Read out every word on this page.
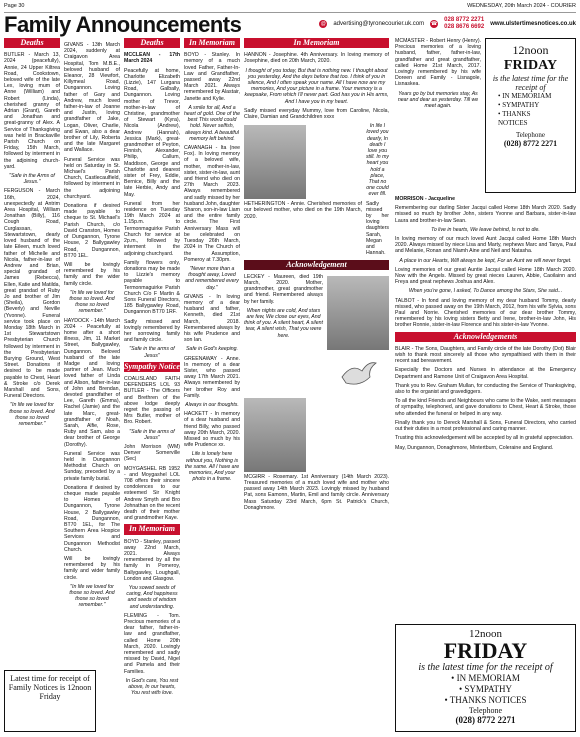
Page 30	WEDNESDAY, 20th March 2024 - COURIER
Family Announcements	@ advertising@tyronecourier.uk.com ☎
028 8772 2271
028 8676 6692 www.ulstertimesnotices.co.uk
Deaths

BUTLER - March 13, 2024 (peacefully), Annie, 24 Upper Kiltrea Road, Cookstown, beloved wife of the late Lex, loving mum of Anne (William) and Robert (Linda), cherished granny of Adrian (Grant), Gareth and Jonathan and great-granny of Alex. A Service of Thanksgiving was held in Brackaville Parish Church on Friday, 15th March, followed by interment in the adjoining church-yard.

"Safe in the Arms of Jesus."

FERGUSON - March 16th, 2024, unexpectedly at Antrim Area Hospital, William Jonathan (Billy), 116 Cough Road, Curglassan, Stewartstown, dearly loved husband of the late Eileen, much loved father of Michelle and Nicola, father-in-law of Andrew and Brian, special grandad of James (Rebecca), Ellen, Katie and Matilda, great grandad of Ruby Jo and brother of Jim (Sheila), Gordon (Beverly) and Neville (Yvonne). Funeral service took place on Monday 18th March in 1st Stewartstown Presbyterian Church followed by interment in the Presbyterian Burying Ground, West Street. Donations if desired to be made payable to Chest, Heart & Stroke c/o Derek Marshall and Sons, Funeral Directors.

"In life we loved for those so loved. And those so loved remember."

Latest time for receipt of Family Notices is 12noon Friday

GIVANS - 13th March 2024, suddenly at Craigavon Area Hospital, Tom M.B.E., beloved husband of Eleanor, 28 Viewfort, Killymeal Road, Dungannon. Loving father of Gary and Andrew, much loved father-in-law of Joanne and Justin, loving grandfather of Jake, Logan, Oliver, Charlie, and Ewan, also a dear brother of Lily, Roberta and the late Margaret and Wallace.

Funeral Service was held on Saturday in St. Michael's Parish Church, Castlecaulfield, followed by interment in the adjoining churchyard.

Donations if desired made payable to cheque to St. Michael's Parish Church, c/o David Cranston, Homes of Dungannon, Tyrone House, 2 Ballygawley Road, Dungannon, BT70 1EL.

Will be lovingly remembered by his family and the wider family circle.

"In life we loved for those so loved. And those so loved remember."

HAYDOCK - 14th March 2024 - Peacefully at home after a short illness, Jim, 11 Market Street, Ballygawley, Dungannon. Beloved husband of the late Madge and loving partner of Jean. Much loved father of Linda and Alison, father-in-law of John and Brendan, devoted grandfather of Lee, Gareth (Emma), Rachel (Jamie) and the late Marc, great-grandfather of Noah, Sarah, Alfie, Rose, Ruby and Sam, also a dear brother of George (Dorothy).

Funeral Service was held in Dungannon Methodist Church on Sunday, preceded by a private family burial.

Donations if desired by cheque made payable to Homes of Dungannon, Tyrone House, 2 Ballygawley Road, Dungannon, BT70 1EL, for The Southern Area Hospice Services and Dungannon Methodist Church.

Will be lovingly remembered by his family and wider family circle.

"In life we loved for those so loved. And those so loved remember."

Deaths

MCCLEAN - 17th March 2024

Peacefully at home, Charlotte Elizabeth (Lizzie), 147 Lurgana Road, Galbally, Dungannon. Loving mother of Trevor, mother-in-law of Christine, grandmother of Stewart (Kyra), Nicola (Andrew), Andrew (Hannah), Jessica (Mark), great-grandmother of Peyton, Finnish, Alexander, Philip, Callum, Maddison, George and Charlotte and dearest sister of Frey, Eddie, Bernice, Billy and the late Herbie, Andy and May.

Funeral from her residence on Tuesday 19th March 2024 at 1.15p.m. to Termonmaguirke Parish Church for service at 2p.m., followed by interment in the adjoining churchyard.

Family flowers only, donations may be made to Lizzie's memory payable to Termonmaguirke Parish Church C/o F Martin & Sons Funeral Directors, 185 Ballygawley Road, Dungannon BT70 1RF.

Sadly missed and lovingly remembered by her sorrowing family and family circle.

"Safe in the arms of Jesus"

Sympathy Notice

COALISLAND FAITH DEFENDERS LOL 93 BUTLER - The Officers and Brethren of the above lodge deeply regret the passing of Mrs Butler, mother of Bro. Robert.

"Safe in the arms of Jesus"

John Morrison (WM) Denver Somerville (Sec)

MOYGASHEL RB 1952 - and Moygashel LOL 708 offers their sincere condolences to our esteemed Sir Knight Andrew Smyth and Bro Johnathan on the recent death of their mother and grandmother Kaye.

In Memoriam

BOYD - Stanley, passed away 22nd March, 2021. Always remembered by all the family in Pomeroy, Ballygawley, Loughgall, London and Glasgow.

You sowed seeds of caring, And happiness and seeds of wisdom and understanding.

FLEMING - Tom. Precious memories of a dear father, father-in-law and grandfather, called Home 20th March, 2020. Lovingly remembered and sadly missed by David, Nigel and Pamela and their Families.

In God's care, You rest above, In our hearts, You rest with love.

In Memoriam

BOYD - Stanley. In memory of a much loved Father, Father-In-Law and Grandfather, passed away 22nd March 2021. Always remembered by Alastair, Janette and Kylie.

A smile for all, And a heart of gold. One of the best This world could hold. Never selfish, always kind. A beautiful memory left behind.

CAVANAGH - Ita (nee Fox). In loving memory of a beloved wife, mother, mother-in-law, sister, sister-in-law, aunt and friend who died on 27th March 2023. Always remembered and sadly missed by her husband John, daughter Sharon, son-in-law Liam and the entire family circle. The First Anniversary Mass will be celebrated on Tuesday 26th March, 2024 in The Church of the Assumption, Pomeroy at 7.30pm.

"Never more than a thought away, Loved and remembered every day."

GIVANS - In loving memory of a dear husband and father, Kenneth, died 21st March, 2018. Remembered always by his wife Prudence and son Ian.

Safe in God's keeping.

GREENAWAY - Anne. In memory of a dear Sister, who passed away 17th March 2021. Always remembered by her brother Roy and Family.

Always in our thoughts.

HACKETT - In memory of a dear husband and friend Billy, who passed away 20th March, 2020. Missed so much by his wife Prudence xx.

Life is lonely here without you, Nothing is the same. All I have are memories, And your photo in a frame.

In Memoriam

HANNON - Josephine. 4th Anniversary. In loving memory of Josephine, died on 20th March, 2020.

I thought of you today, But that is nothing new. I thought about you yesterday, And the days before that too. I think of you in silence, And I often speak your name. All I have now are my memories, And your picture in a frame. Your memory is a keepsake, From which I'll never part. God has you in His arms, And I have you in my heart.

Sadly missed everyday Mummy, love from Caroline, Nicola, Claire, Damian and Grandchildren xxxx

HETHERINGTON - Annie. Cherished memories of our beloved mother, who died on the 19th March, 2020.

In life I loved you dearly, In death I love you still. In my heart you hold a place, That no one could ever fill.

Sadly missed by her loving daughters Sarah, Megan and Hannah.

Acknowledgement

LECKEY - Maureen, died 19th March, 2020. Mother, grandmother, great grandmother and friend. Remembered always by her family.

When nights are cold, And stars are few, We close our eyes, And think of you. A silent heart, A silent tear, A silent wish, That you were here.

MCGIRR - Rosemary. 1st Anniversary (14th March 2023). Treasured memories of a much loved wife and mother who passed away 14th March 2023. Lovingly missed by husband Pat, sons Eamonn, Martin, Emil and family circle. Anniversary Mass Saturday 23rd March, 6pm St. Patrick's Church, Donaghmore.

MCMASTER - Robert Henry (Henry). Precious memories of a loving husband, father, father-in-law, grandfather and great grandfather, called Home 21st March, 2017. Lovingly remembered by his wife Doreen and Family - Lisnagole, Lisnaskea.

Years go by but memories stay, As near and dear as yesterday. Till we meet again.

MORRISON - Jacqueline

Remembering our darling Sister Jacqui called Home 18th March 2020. Sadly missed so much by brother John, sisters Yvonne and Barbara, sister-in-law Laura and brother-in-law Sean.

To live in hearts, We leave behind, Is not to die.

In loving memory of our much loved Aunt Jacqui called Home 18th March 2020. Always missed by niece Lisa and Marty, nephews Marc and Tanya, Paul and Melanie, Ronan and Niamh Aine and Neil and Natasha.

A place in our Hearts, Will always be kept, For an Aunt we will never forget.

Loving memories of our great Auntie Jacqui called Home 18th March 2020. Now with the Angels. Missed by great nieces Lauren, Abbie, Caoilainn and Freya and great nephews Joshua and Alex.

When you're gone, I asked, To Dance among the Stars, She said...

TALBOT - In fond and loving memory of my dear husband Tommy, dearly missed, who passed away on the 19th March, 2012, from his wife Sylvia, sons Paul and Norrie. Cherished memories of our dear brother Tommy, remembered by his loving sisters Betty and Irene, brother-in-law John, His brother Ronnie, sister-in-law Florence and his sister-in-law Yvonne.

Acknowledgements

BLAIR - The Sons, Daughters, and Family circle of the late Dorothy (Dot) Blair wish to thank most sincerely all those who sympathised with them in their recent sad bereavement.

Especially the Doctors and Nurses in attendance at the Emergency Department and Ramone Unit of Craigavon Area Hospital.

Thank you to Rev. Graham Mullan, for conducting the Service of Thanksgiving, also to the organist and gravediggers.

To all the kind Friends and Neighbours who came to the Wake, sent messages of sympathy, telephoned, and gave donations to Chest, Heart & Stroke, those who attended the funeral or helped in any way.

Finally thank you to Dereck Marshall & Sons, Funeral Directors, who carried out their duties in a most professional and caring manner.

Trusting this acknowledgement will be accepted by all in grateful appreciation.

May, Dungannon, Donaghmore, Mintertburn, Coleraine and England.

12noon
FRIDAY
is the latest time for the receipt of
• IN MEMORIAM
• SYMPATHY
• THANKS
NOTICES
Telephone
(028) 8772 2271
12noon
FRIDAY
is the latest time for the receipt of
• IN MEMORIAM
• SYMPATHY
• THANKS NOTICES
Telephone
(028) 8772 2271
